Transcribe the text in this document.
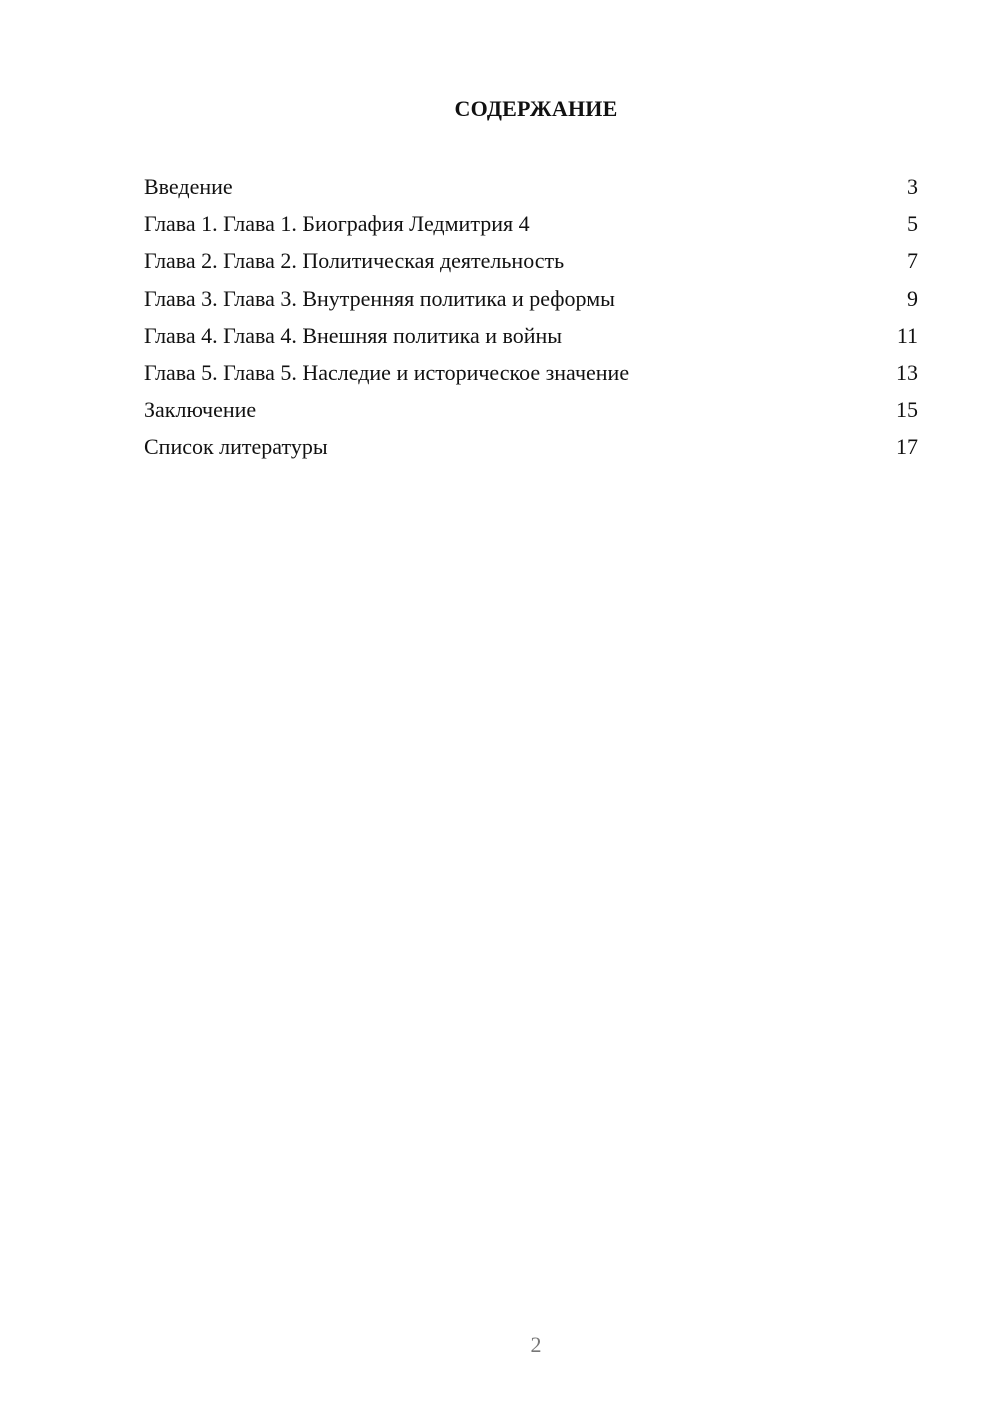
СОДЕРЖАНИЕ
Введение	3
Глава 1. Глава 1. Биография Ледмитрия 4	5
Глава 2. Глава 2. Политическая деятельность	7
Глава 3. Глава 3. Внутренняя политика и реформы	9
Глава 4. Глава 4. Внешняя политика и войны	11
Глава 5. Глава 5. Наследие и историческое значение	13
Заключение	15
Список литературы	17
2
